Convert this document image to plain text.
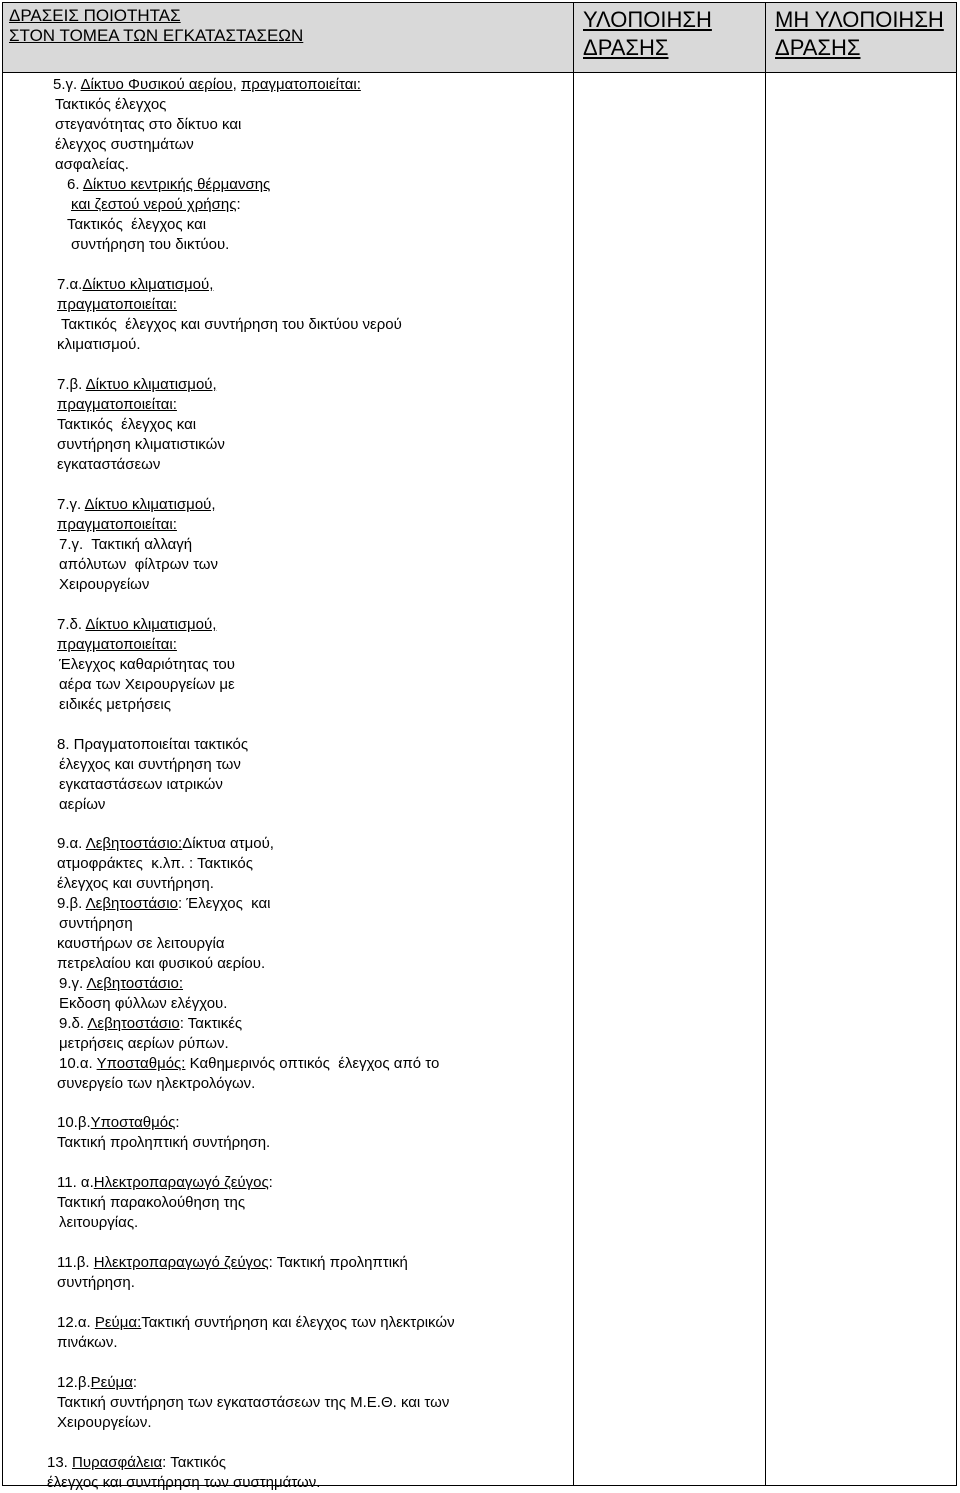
ΔΡΑΣΕΙΣ ΠΟΙΟΤΗΤΑΣ
ΣΤΟΝ ΤΟΜΕΑ ΤΩΝ ΕΓΚΑΤΑΣΤΑΣΕΩΝ
ΥΛΟΠΟΙΗΣΗ
ΔΡΑΣΗΣ
ΜΗ ΥΛΟΠΟΙΗΣΗ
ΔΡΑΣΗΣ
5.γ. Δίκτυο Φυσικού αερίου, πραγματοποιείται:
Τακτικός έλεγχος
στεγανότητας στο δίκτυο και
έλεγχος συστημάτων
ασφαλείας.
6. Δίκτυο κεντρικής θέρμανσης
και ζεστού νερού χρήσης:
Τακτικός  έλεγχος και
συντήρηση του δικτύου.
7.α.Δίκτυο κλιματισμού,
πραγματοποιείται:
Τακτικός  έλεγχος και συντήρηση του δικτύου νερού
κλιματισμού.
7.β. Δίκτυο κλιματισμού,
πραγματοποιείται:
Τακτικός  έλεγχος και
συντήρηση κλιματιστικών
εγκαταστάσεων
7.γ. Δίκτυο κλιματισμού,
πραγματοποιείται:
7.γ.  Τακτική αλλαγή
απόλυτων  φίλτρων των
Χειρουργείων
7.δ. Δίκτυο κλιματισμού,
πραγματοποιείται:
Έλεγχος καθαριότητας του
αέρα των Χειρουργείων με
ειδικές μετρήσεις
8. Πραγματοποιείται τακτικός
έλεγχος και συντήρηση των
εγκαταστάσεων ιατρικών
αερίων
9.α. Λεβητοστάσιο:Δίκτυα ατμού,
ατμοφράκτες  κ.λπ. : Τακτικός
έλεγχος και συντήρηση.
9.β. Λεβητοστάσιο: Έλεγχος  και
συντήρηση
καυστήρων σε λειτουργία
πετρελαίου και φυσικού αερίου.
9.γ. Λεβητοστάσιο:
Εκδοση φύλλων ελέγχου.
9.δ. Λεβητοστάσιο: Τακτικές
μετρήσεις αερίων ρύπων.
10.α. Υποσταθμός: Καθημερινός οπτικός  έλεγχος από το
συνεργείο των ηλεκτρολόγων.
10.β.Υποσταθμός:
Τακτική προληπτική συντήρηση.
11. α.Ηλεκτροπαραγωγό ζεύγος:
Τακτική παρακολούθηση της
λειτουργίας.
11.β. Ηλεκτροπαραγωγό ζεύγος: Τακτική προληπτική
συντήρηση.
12.α. Ρεύμα:Τακτική συντήρηση και έλεγχος των ηλεκτρικών
πινάκων.
12.β.Ρεύμα:
Τακτική συντήρηση των εγκαταστάσεων της Μ.Ε.Θ. και των
Χειρουργείων.
13. Πυρασφάλεια: Τακτικός
έλεγχος και συντήρηση των συστημάτων.
